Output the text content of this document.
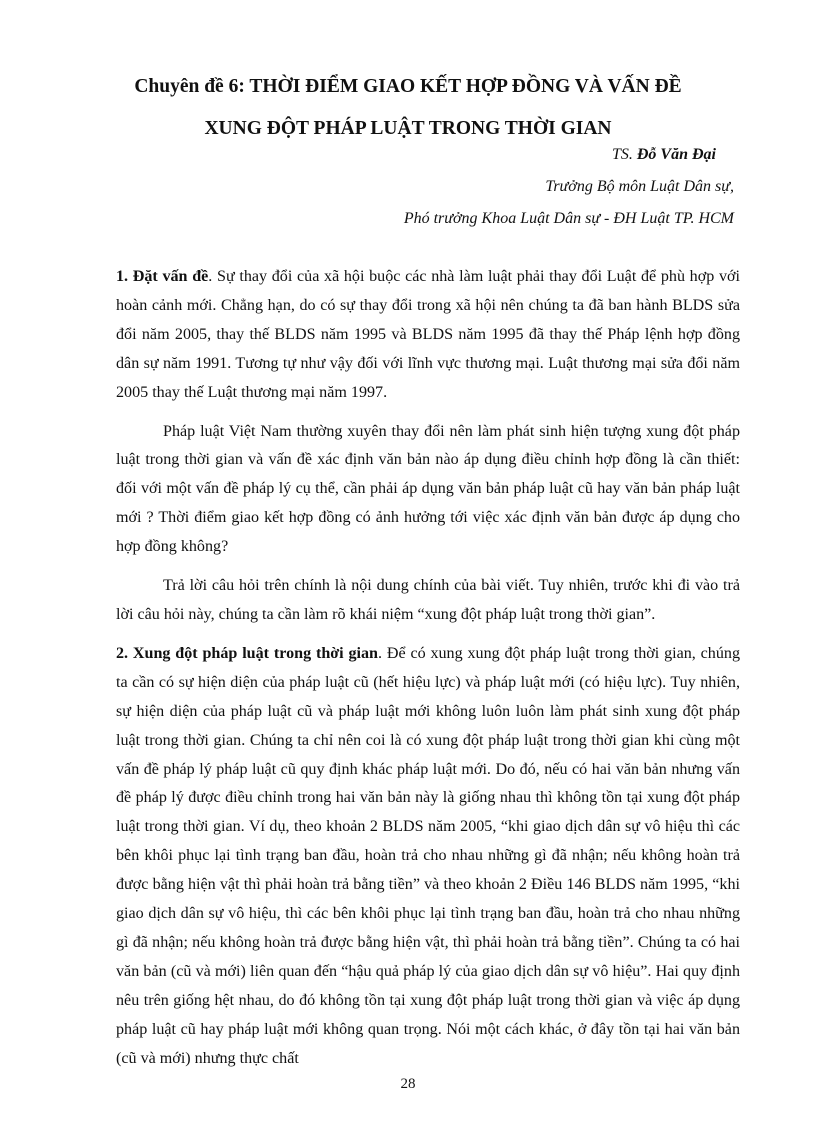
Chuyên đề 6: THỜI ĐIỂM GIAO KẾT HỢP ĐỒNG VÀ VẤN ĐỀ
XUNG ĐỘT PHÁP LUẬT TRONG THỜI GIAN
TS. Đỗ Văn Đại
Trưởng Bộ môn Luật Dân sự,
Phó trưởng Khoa Luật Dân sự - ĐH Luật TP. HCM

1. Đặt vấn đề. Sự thay đổi của xã hội buộc các nhà làm luật phải thay đổi Luật để phù hợp với hoàn cảnh mới. Chẳng hạn, do có sự thay đổi trong xã hội nên chúng ta đã ban hành BLDS sửa đổi năm 2005, thay thế BLDS năm 1995 và BLDS năm 1995 đã thay thế Pháp lệnh hợp đồng dân sự năm 1991. Tương tự như vậy đối với lĩnh vực thương mại. Luật thương mại sửa đổi năm 2005 thay thế Luật thương mại năm 1997.

Pháp luật Việt Nam thường xuyên thay đổi nên làm phát sinh hiện tượng xung đột pháp luật trong thời gian và vấn đề xác định văn bản nào áp dụng điều chỉnh hợp đồng là cần thiết: đối với một vấn đề pháp lý cụ thể, cần phải áp dụng văn bản pháp luật cũ hay văn bản pháp luật mới ? Thời điểm giao kết hợp đồng có ảnh hưởng tới việc xác định văn bản được áp dụng cho hợp đồng không?

Trả lời câu hỏi trên chính là nội dung chính của bài viết. Tuy nhiên, trước khi đi vào trả lời câu hỏi này, chúng ta cần làm rõ khái niệm “xung đột pháp luật trong thời gian”.

2. Xung đột pháp luật trong thời gian. Để có xung xung đột pháp luật trong thời gian, chúng ta cần có sự hiện diện của pháp luật cũ (hết hiệu lực) và pháp luật mới (có hiệu lực). Tuy nhiên, sự hiện diện của pháp luật cũ và pháp luật mới không luôn luôn làm phát sinh xung đột pháp luật trong thời gian. Chúng ta chỉ nên coi là có xung đột pháp luật trong thời gian khi cùng một vấn đề pháp lý pháp luật cũ quy định khác pháp luật mới. Do đó, nếu có hai văn bản nhưng vấn đề pháp lý được điều chỉnh trong hai văn bản này là giống nhau thì không tồn tại xung đột pháp luật trong thời gian. Ví dụ, theo khoản 2 BLDS năm 2005, “khi giao dịch dân sự vô hiệu thì các bên khôi phục lại tình trạng ban đầu, hoàn trả cho nhau những gì đã nhận; nếu không hoàn trả được bằng hiện vật thì phải hoàn trả bằng tiền” và theo khoản 2 Điều 146 BLDS năm 1995, “khi giao dịch dân sự vô hiệu, thì các bên khôi phục lại tình trạng ban đầu, hoàn trả cho nhau những gì đã nhận; nếu không hoàn trả được bằng hiện vật, thì phải hoàn trả bằng tiền”. Chúng ta có hai văn bản (cũ và mới) liên quan đến “hậu quả pháp lý của giao dịch dân sự vô hiệu”. Hai quy định nêu trên giống hệt nhau, do đó không tồn tại xung đột pháp luật trong thời gian và việc áp dụng pháp luật cũ hay pháp luật mới không quan trọng. Nói một cách khác, ở đây tồn tại hai văn bản (cũ và mới) nhưng thực chất

28
